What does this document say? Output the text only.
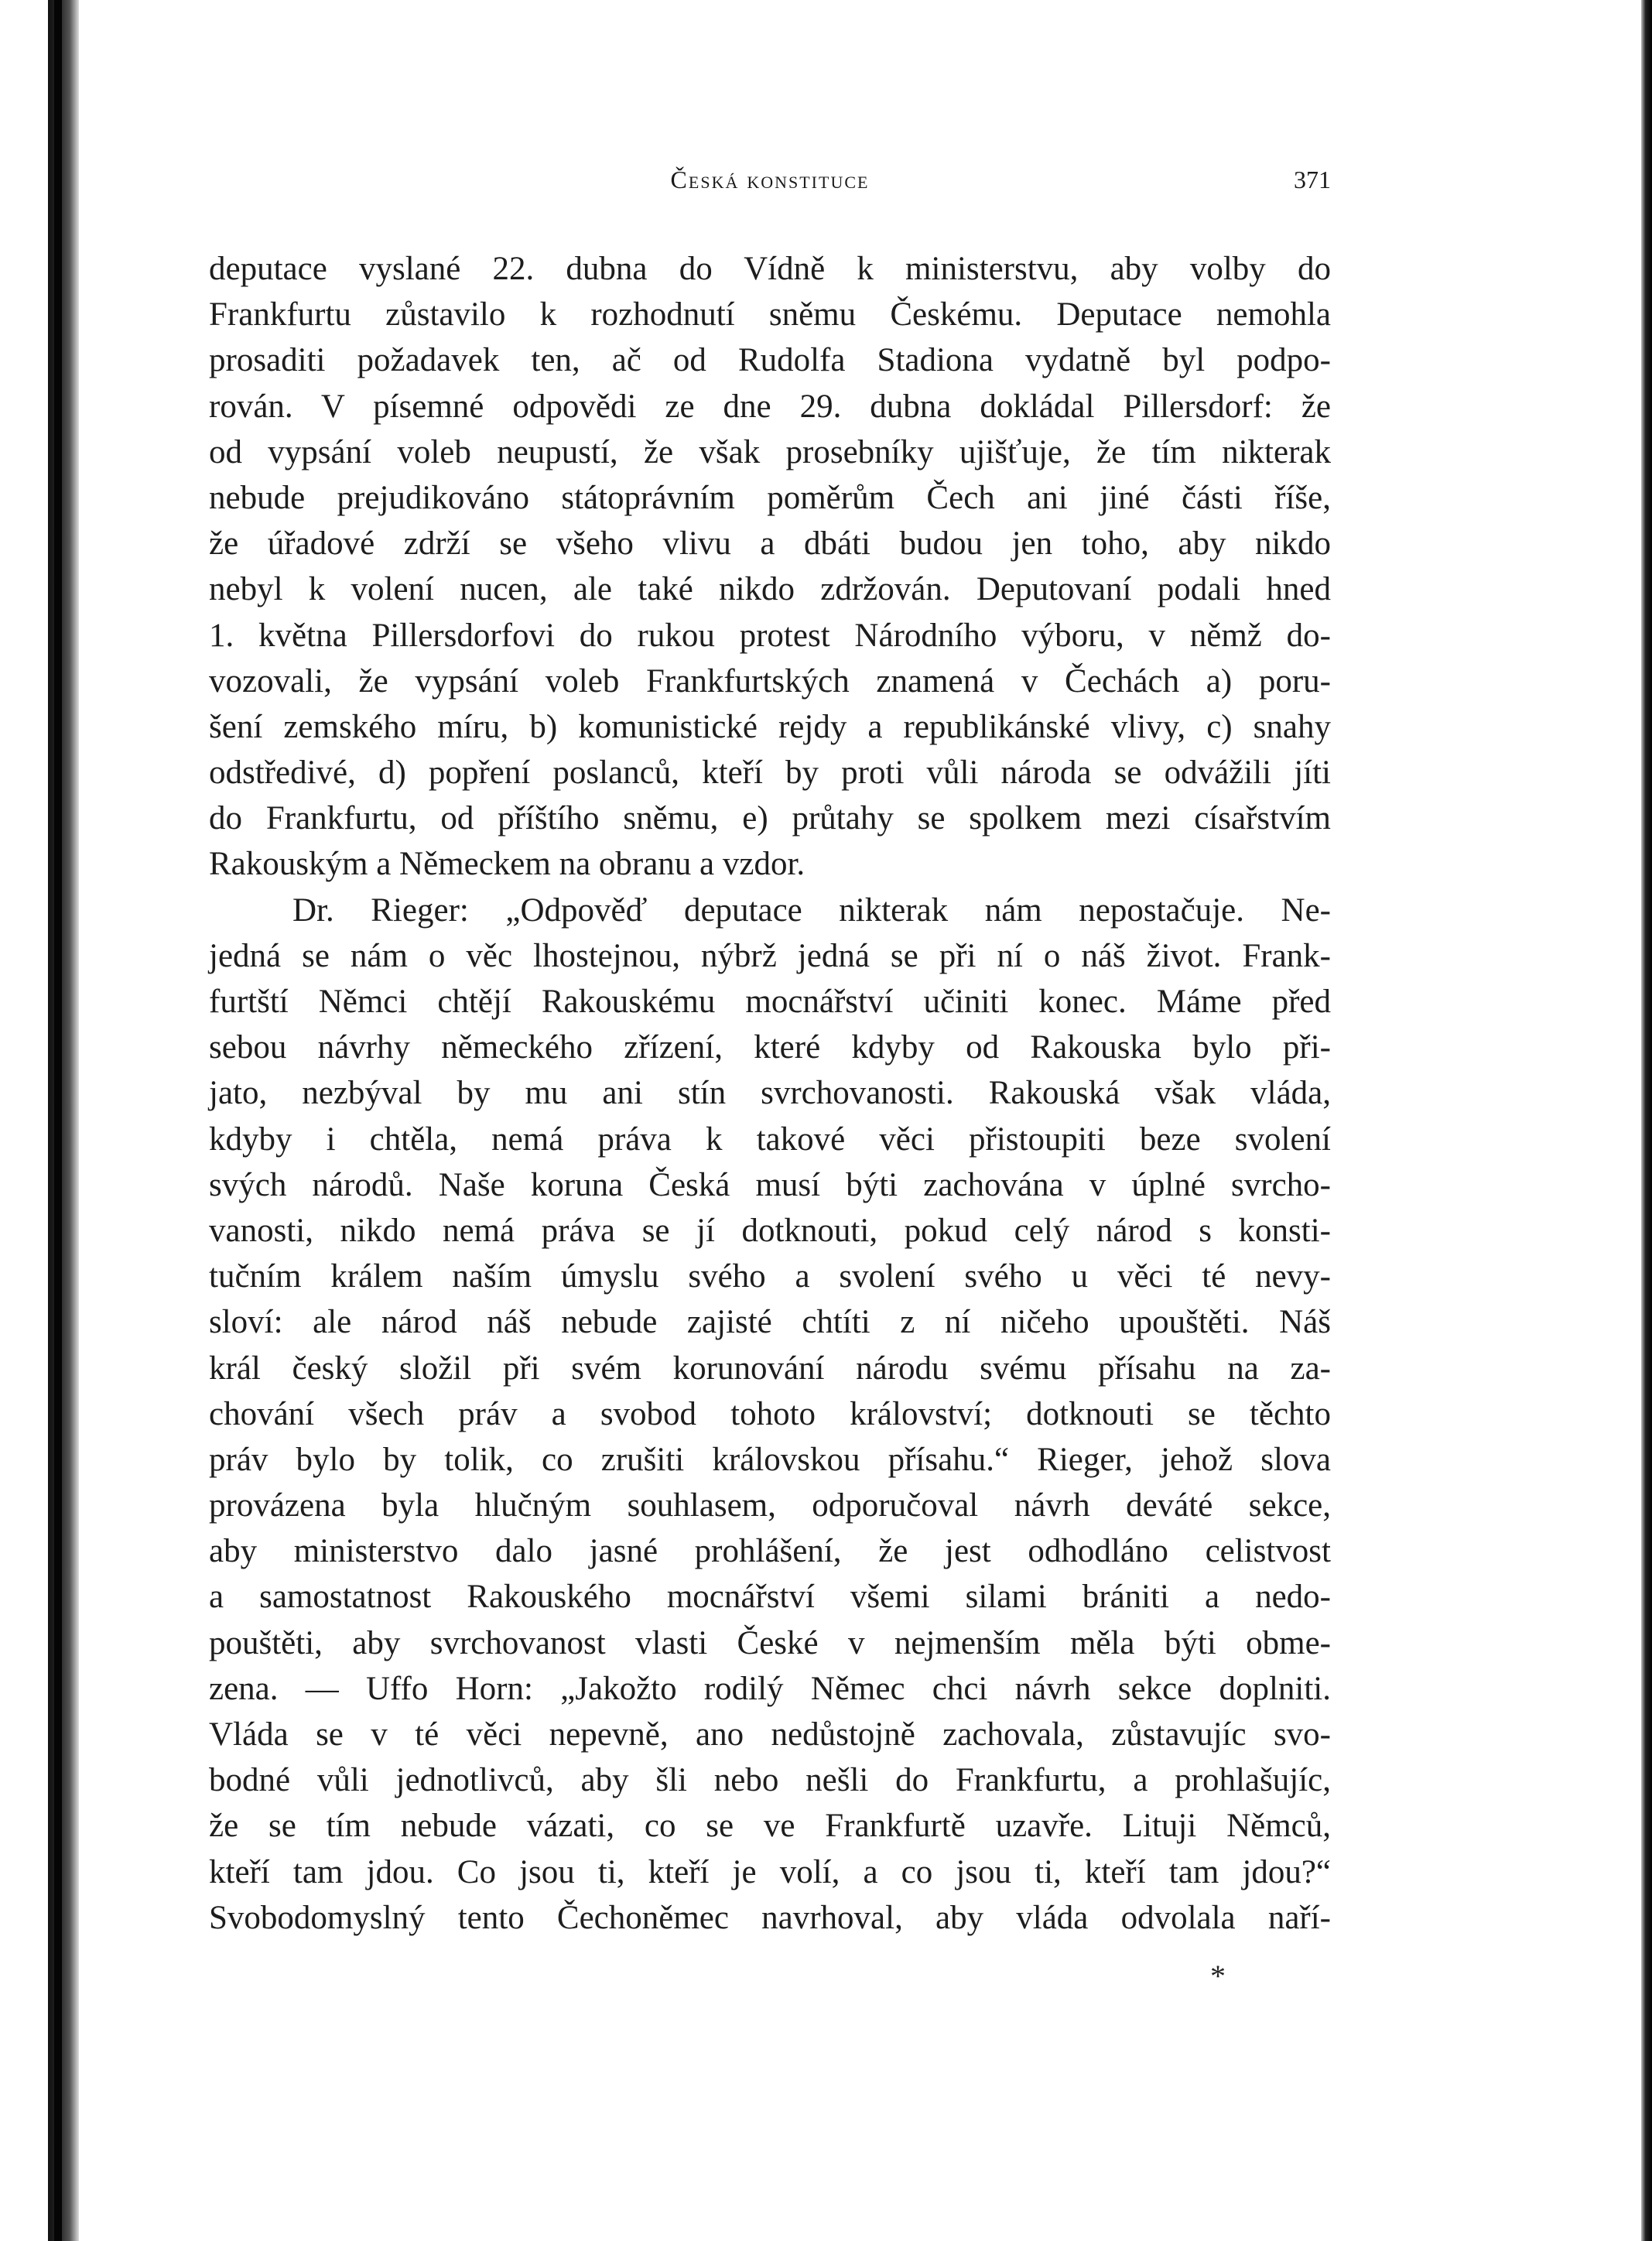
Česká konstituce	371
deputace vyslané 22. dubna do Vídně k ministerstvu, aby volby do
Frankfurtu zůstavilo k rozhodnutí sněmu Českému. Deputace nemohla
prosaditi požadavek ten, ač od Rudolfa Stadiona vydatně byl podpo-
rován. V písemné odpovědi ze dne 29. dubna dokládal Pillersdorf: že
od vypsání voleb neupustí, že však prosebníky ujišťuje, že tím nikterak
nebude prejudikováno státoprávním poměrům Čech ani jiné části říše,
že úřadové zdrží se všeho vlivu a dbáti budou jen toho, aby nikdo
nebyl k volení nucen, ale také nikdo zdržován. Deputovaní podali hned
1. května Pillersdorfovi do rukou protest Národního výboru, v němž do-
vozovali, že vypsání voleb Frankfurtských znamená v Čechách a) poru-
šení zemského míru, b) komunistické rejdy a republikánské vlivy, c) snahy
odstředivé, d) popření poslanců, kteří by proti vůli národa se odvážili jíti
do Frankfurtu, od příštího sněmu, e) průtahy se spolkem mezi císařstvím
Rakouským a Německem na obranu a vzdor.
Dr. Rieger: „Odpověď deputace nikterak nám nepostačuje. Ne-
jedná se nám o věc lhostejnou, nýbrž jedná se při ní o náš život. Frank-
furtští Němci chtějí Rakouskému mocnářství učiniti konec. Máme před
sebou návrhy německého zřízení, které kdyby od Rakouska bylo při-
jato, nezbýval by mu ani stín svrchovanosti. Rakouská však vláda,
kdyby i chtěla, nemá práva k takové věci přistoupiti beze svolení
svých národů. Naše koruna Česká musí býti zachována v úplné svrcho-
vanosti, nikdo nemá práva se jí dotknouti, pokud celý národ s konsti-
tučním králem naším úmyslu svého a svolení svého u věci té nevy-
sloví: ale národ náš nebude zajisté chtíti z ní ničeho upouštěti. Náš
král český složil při svém korunování národu svému přísahu na za-
chování všech práv a svobod tohoto království; dotknouti se těchto
práv bylo by tolik, co zrušiti královskou přísahu.“ Rieger, jehož slova
provázena byla hlučným souhlasem, odporučoval návrh deváté sekce,
aby ministerstvo dalo jasné prohlášení, že jest odhodláno celistvost
a samostatnost Rakouského mocnářství všemi silami brániti a nedo-
pouštěti, aby svrchovanost vlasti České v nejmenším měla býti obme-
zena. — Uffo Horn: „Jakožto rodilý Němec chci návrh sekce doplniti.
Vláda se v té věci nepevně, ano nedůstojně zachovala, zůstavujíc svo-
bodné vůli jednotlivců, aby šli nebo nešli do Frankfurtu, a prohlašujíc,
že se tím nebude vázati, co se ve Frankfurtě uzavře. Lituji Němců,
kteří tam jdou. Co jsou ti, kteří je volí, a co jsou ti, kteří tam jdou?“
Svobodomyslný tento Čechoněmec navrhoval, aby vláda odvolala naří-
*
